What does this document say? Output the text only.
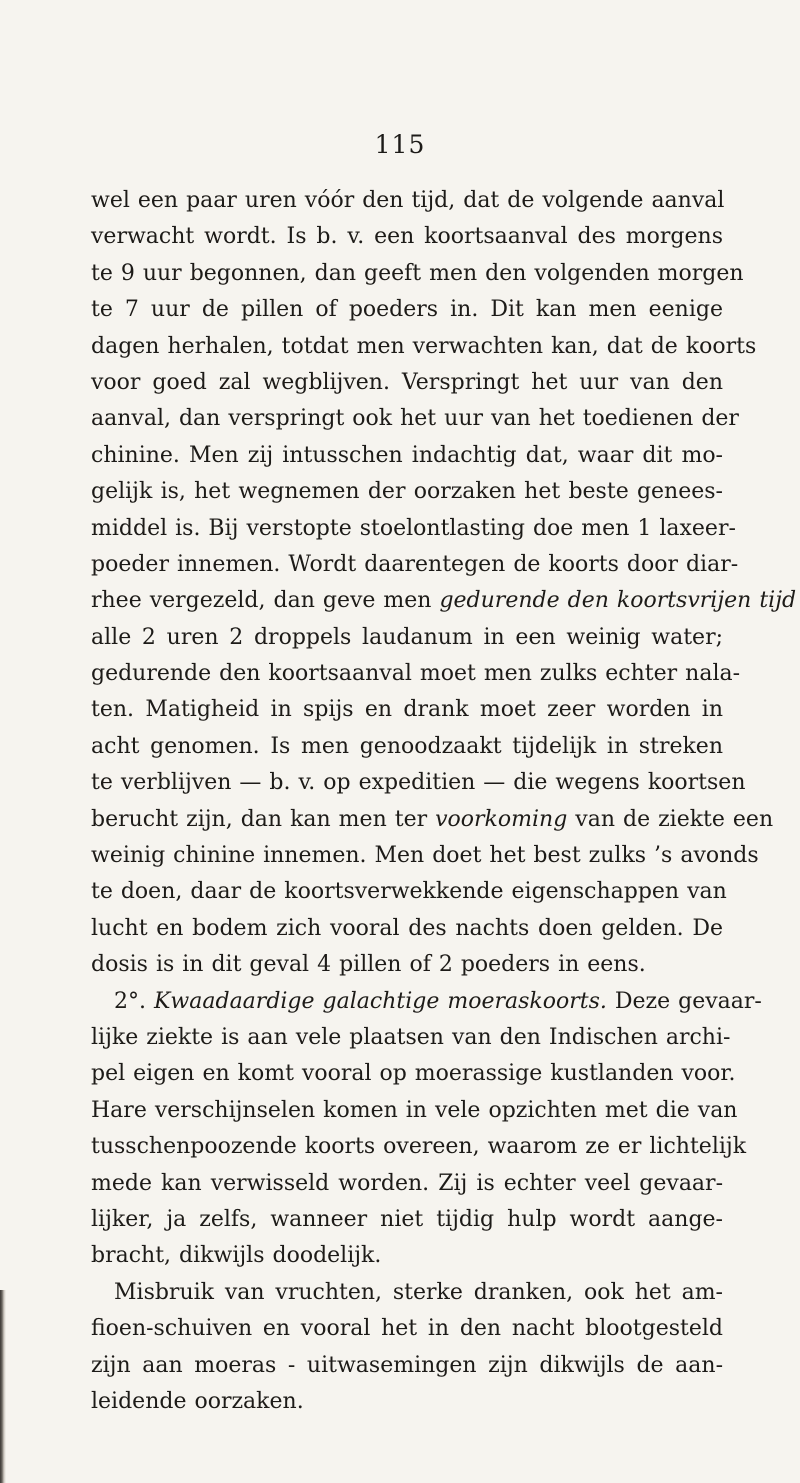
115
wel een paar uren vóór den tijd, dat de volgende aanval
verwacht wordt. Is b. v. een koortsaanval des morgens
te 9 uur begonnen, dan geeft men den volgenden morgen
te 7 uur de pillen of poeders in. Dit kan men eenige
dagen herhalen, totdat men verwachten kan, dat de koorts
voor goed zal wegblijven. Verspringt het uur van den
aanval, dan verspringt ook het uur van het toedienen der
chinine. Men zij intusschen indachtig dat, waar dit mo-
gelijk is, het wegnemen der oorzaken het beste genees-
middel is. Bij verstopte stoelontlasting doe men 1 laxeer-
poeder innemen. Wordt daarentegen de koorts door diar-
rhee vergezeld, dan geve men gedurende den koortsvrijen tijd
alle 2 uren 2 droppels laudanum in een weinig water;
gedurende den koortsaanval moet men zulks echter nala-
ten. Matigheid in spijs en drank moet zeer worden in
acht genomen. Is men genoodzaakt tijdelijk in streken
te verblijven — b. v. op expeditien — die wegens koortsen
berucht zijn, dan kan men ter voorkoming van de ziekte een
weinig chinine innemen. Men doet het best zulks ’s avonds
te doen, daar de koortsverwekkende eigenschappen van
lucht en bodem zich vooral des nachts doen gelden. De
dosis is in dit geval 4 pillen of 2 poeders in eens.
2°. Kwaadaardige galachtige moeraskoorts. Deze gevaar-
lijke ziekte is aan vele plaatsen van den Indischen archi-
pel eigen en komt vooral op moerassige kustlanden voor.
Hare verschijnselen komen in vele opzichten met die van
tusschenpoozende koorts overeen, waarom ze er lichtelijk
mede kan verwisseld worden. Zij is echter veel gevaar-
lijker, ja zelfs, wanneer niet tijdig hulp wordt aange-
bracht, dikwijls doodelijk.
Misbruik van vruchten, sterke dranken, ook het am-
fioen-schuiven en vooral het in den nacht blootgesteld
zijn aan moeras - uitwasemingen zijn dikwijls de aan-
leidende oorzaken.
